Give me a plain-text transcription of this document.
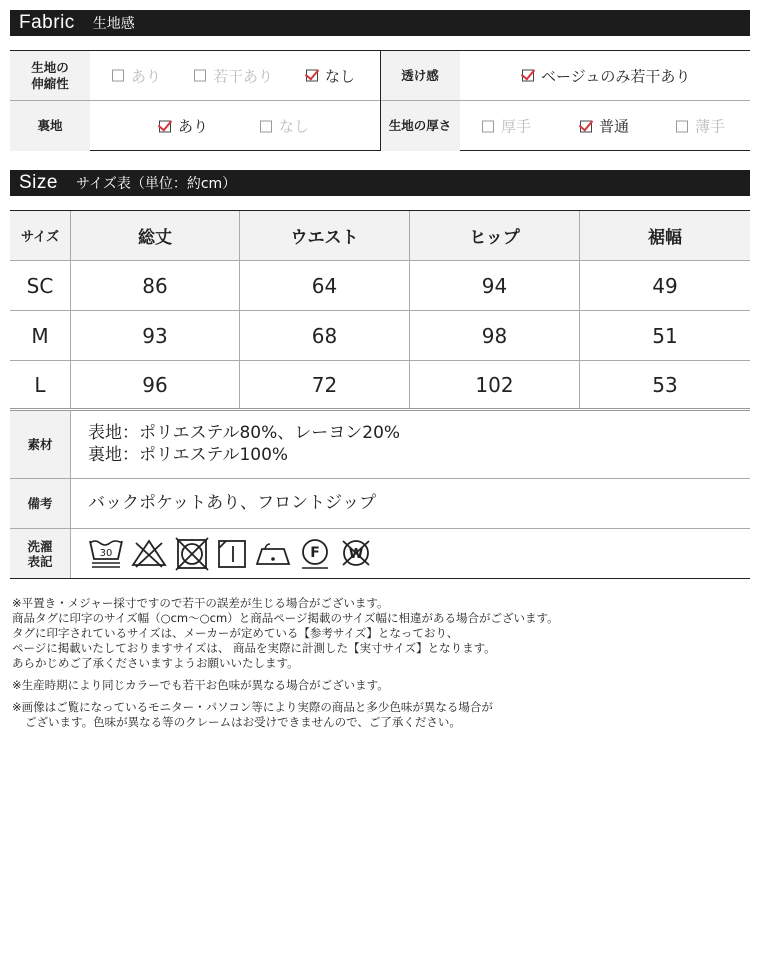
Fabric 生地感
生地の
伸縮性	あり	若干あり	なし	透け感	ベージュのみ若干あり
裏地	あり	なし	生地の厚さ	厚手	普通	薄手
Size サイズ表（単位：約cm）
サイズ	総丈	ウエスト	ヒップ	裾幅
SC	86	64	94	49
M	93	68	98	51
L	96	72	102	53
素材
表地：ポリエステル80%、レーヨン20%
裏地：ポリエステル100%
備考	バックポケットあり、フロントジップ
洗濯
表記
30	F W
※平置き・メジャー採寸ですので若干の誤差が生じる場合がございます。
商品タグに印字のサイズ幅（○cm〜○cm）と商品ページ掲載のサイズ幅に相違がある場合がございます。
タグに印字されているサイズは、メーカーが定めている【参考サイズ】となっており、
ページに掲載いたしておりますサイズは、 商品を実際に計測した【実寸サイズ】となります。
あらかじめご了承くださいますようお願いいたします。
※生産時期により同じカラーでも若干お色味が異なる場合がございます。
※画像はご覧になっているモニター・パソコン等により実際の商品と多少色味が異なる場合が
ございます。色味が異なる等のクレームはお受けできませんので、ご了承ください。
